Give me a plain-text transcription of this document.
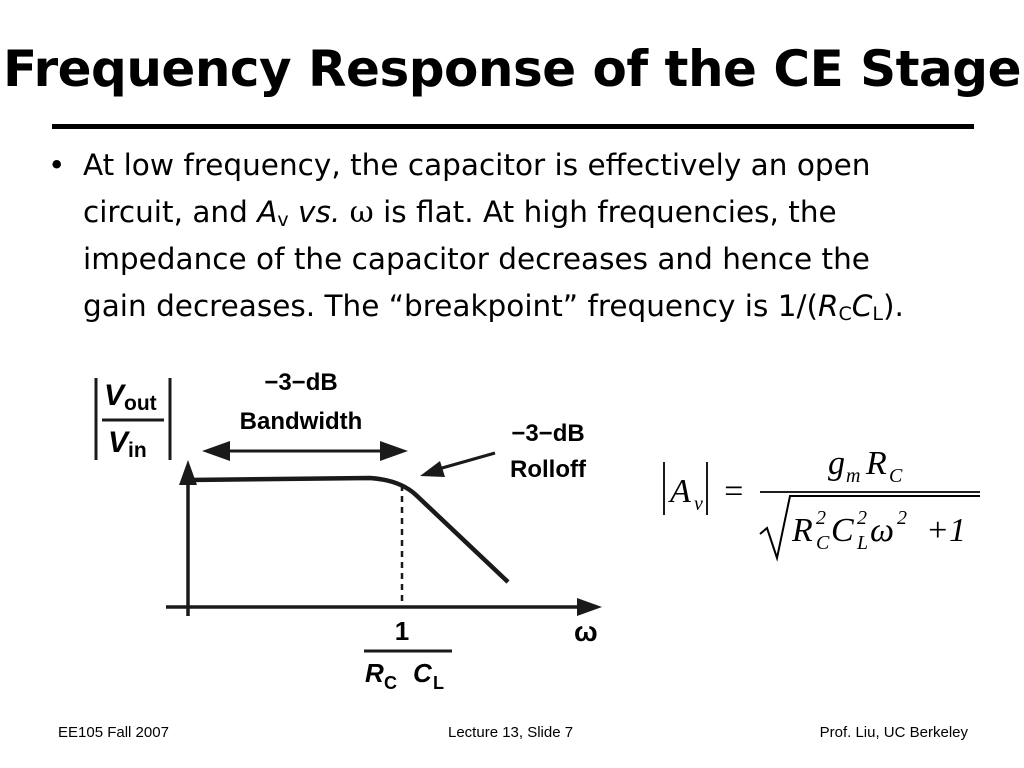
Frequency Response of the CE Stage
• At low frequency, the capacitor is effectively an open
circuit, and $A_v$ vs. ω is flat. At high frequencies, the
impedance of the capacitor decreases and hence the
gain decreases. The “breakpoint” frequency is $1/(R_CC_L)$.
V out
V in
−3−dB
Bandwidth	−3−dB
Rolloff
ω
1
R C C L
A v =
g m R C
R 2
C C 2
L ω 2 +1
EE105 Fall 2007	Lecture 13, Slide 7	Prof. Liu, UC Berkeley
